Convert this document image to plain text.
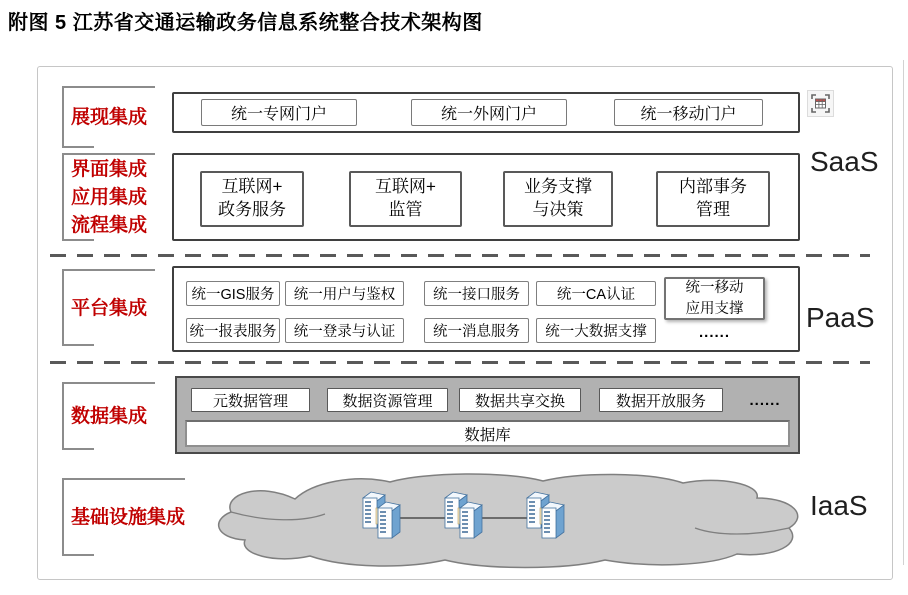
附图 5 江苏省交通运输政务信息系统整合技术架构图
展现集成	统一专网门户	统一外网门户	统一移动门户
界面集成
应用集成
流程集成
互联网+
政务服务
互联网+
监管
业务支撑
与决策
内部事务
管理
SaaS
平台集成
统一GIS服务	统一用户与鉴权	统一接口服务	统一CA认证	统一移动
应用支撑
统一报表服务	统一登录与认证	统一消息服务	统一大数据支撑	......	PaaS
数据集成
元数据管理	数据资源管理	数据共享交换	数据开放服务	......
数据库
基础设施集成	IaaS
